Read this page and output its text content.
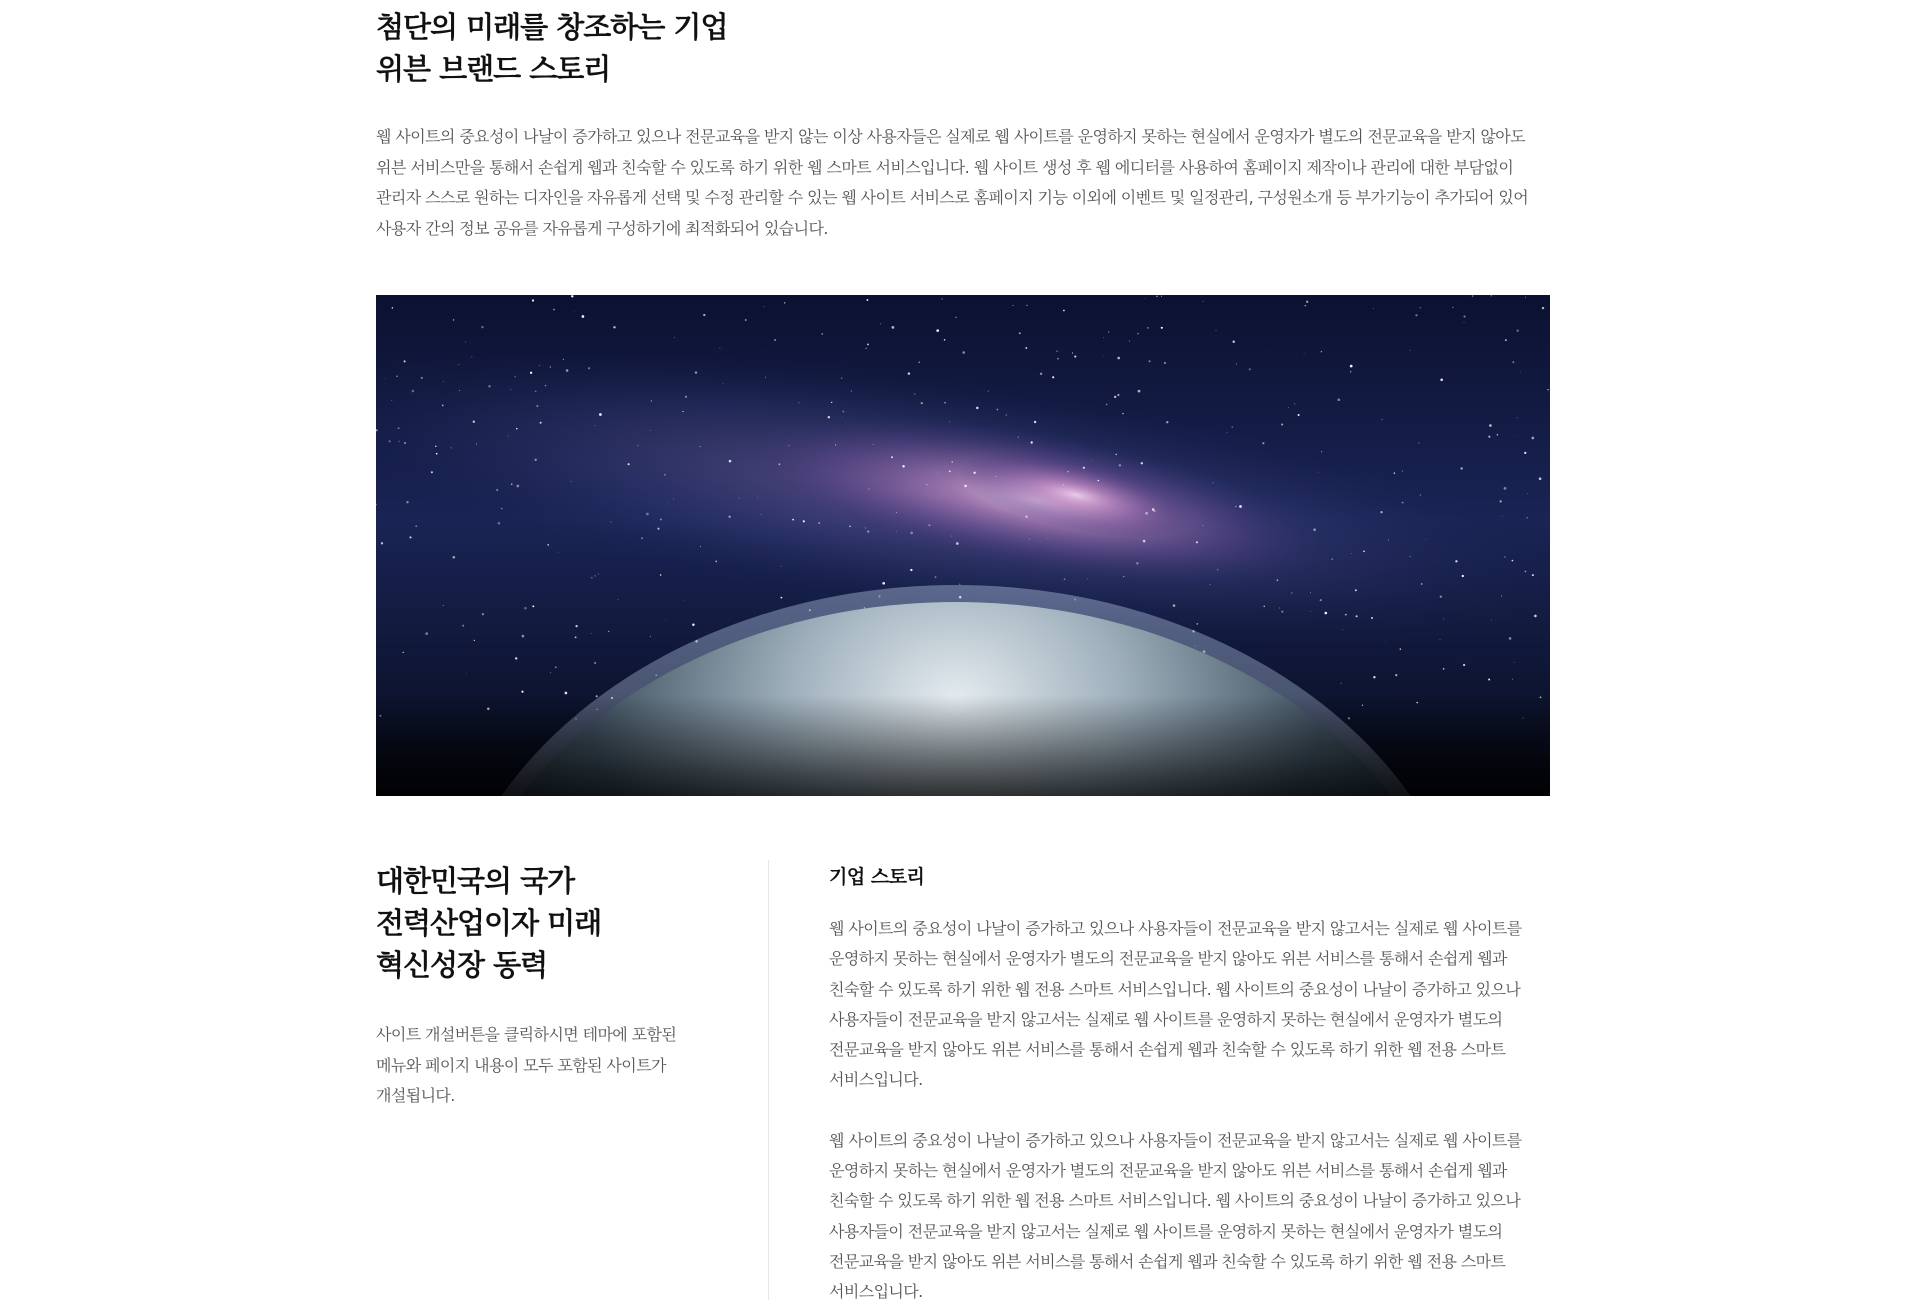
첨단의 미래를 창조하는 기업
위븐 브랜드 스토리

웹 사이트의 중요성이 나날이 증가하고 있으나 전문교육을 받지 않는 이상 사용자들은 실제로 웹 사이트를 운영하지 못하는 현실에서 운영자가 별도의 전문교육을 받지 않아도 위븐 서비스만을 통해서 손쉽게 웹과 친숙할 수 있도록 하기 위한 웹 스마트 서비스입니다. 웹 사이트 생성 후 웹 에디터를 사용하여 홈페이지 제작이나 관리에 대한 부담없이 관리자 스스로 원하는 디자인을 자유롭게 선택 및 수정 관리할 수 있는 웹 사이트 서비스로 홈페이지 기능 이외에 이벤트 및 일정관리, 구성원소개 등 부가기능이 추가되어 있어 사용자 간의 정보 공유를 자유롭게 구성하기에 최적화되어 있습니다.

대한민국의 국가
전력산업이자 미래
혁신성장 동력

사이트 개설버튼을 클릭하시면 테마에 포함된 메뉴와 페이지 내용이 모두 포함된 사이트가 개설됩니다.

기업 스토리

웹 사이트의 중요성이 나날이 증가하고 있으나 사용자들이 전문교육을 받지 않고서는 실제로 웹 사이트를 운영하지 못하는 현실에서 운영자가 별도의 전문교육을 받지 않아도 위븐 서비스를 통해서 손쉽게 웹과 친숙할 수 있도록 하기 위한 웹 전용 스마트 서비스입니다. 웹 사이트의 중요성이 나날이 증가하고 있으나 사용자들이 전문교육을 받지 않고서는 실제로 웹 사이트를 운영하지 못하는 현실에서 운영자가 별도의 전문교육을 받지 않아도 위븐 서비스를 통해서 손쉽게 웹과 친숙할 수 있도록 하기 위한 웹 전용 스마트 서비스입니다.

웹 사이트의 중요성이 나날이 증가하고 있으나 사용자들이 전문교육을 받지 않고서는 실제로 웹 사이트를 운영하지 못하는 현실에서 운영자가 별도의 전문교육을 받지 않아도 위븐 서비스를 통해서 손쉽게 웹과 친숙할 수 있도록 하기 위한 웹 전용 스마트 서비스입니다. 웹 사이트의 중요성이 나날이 증가하고 있으나 사용자들이 전문교육을 받지 않고서는 실제로 웹 사이트를 운영하지 못하는 현실에서 운영자가 별도의 전문교육을 받지 않아도 위븐 서비스를 통해서 손쉽게 웹과 친숙할 수 있도록 하기 위한 웹 전용 스마트 서비스입니다.
